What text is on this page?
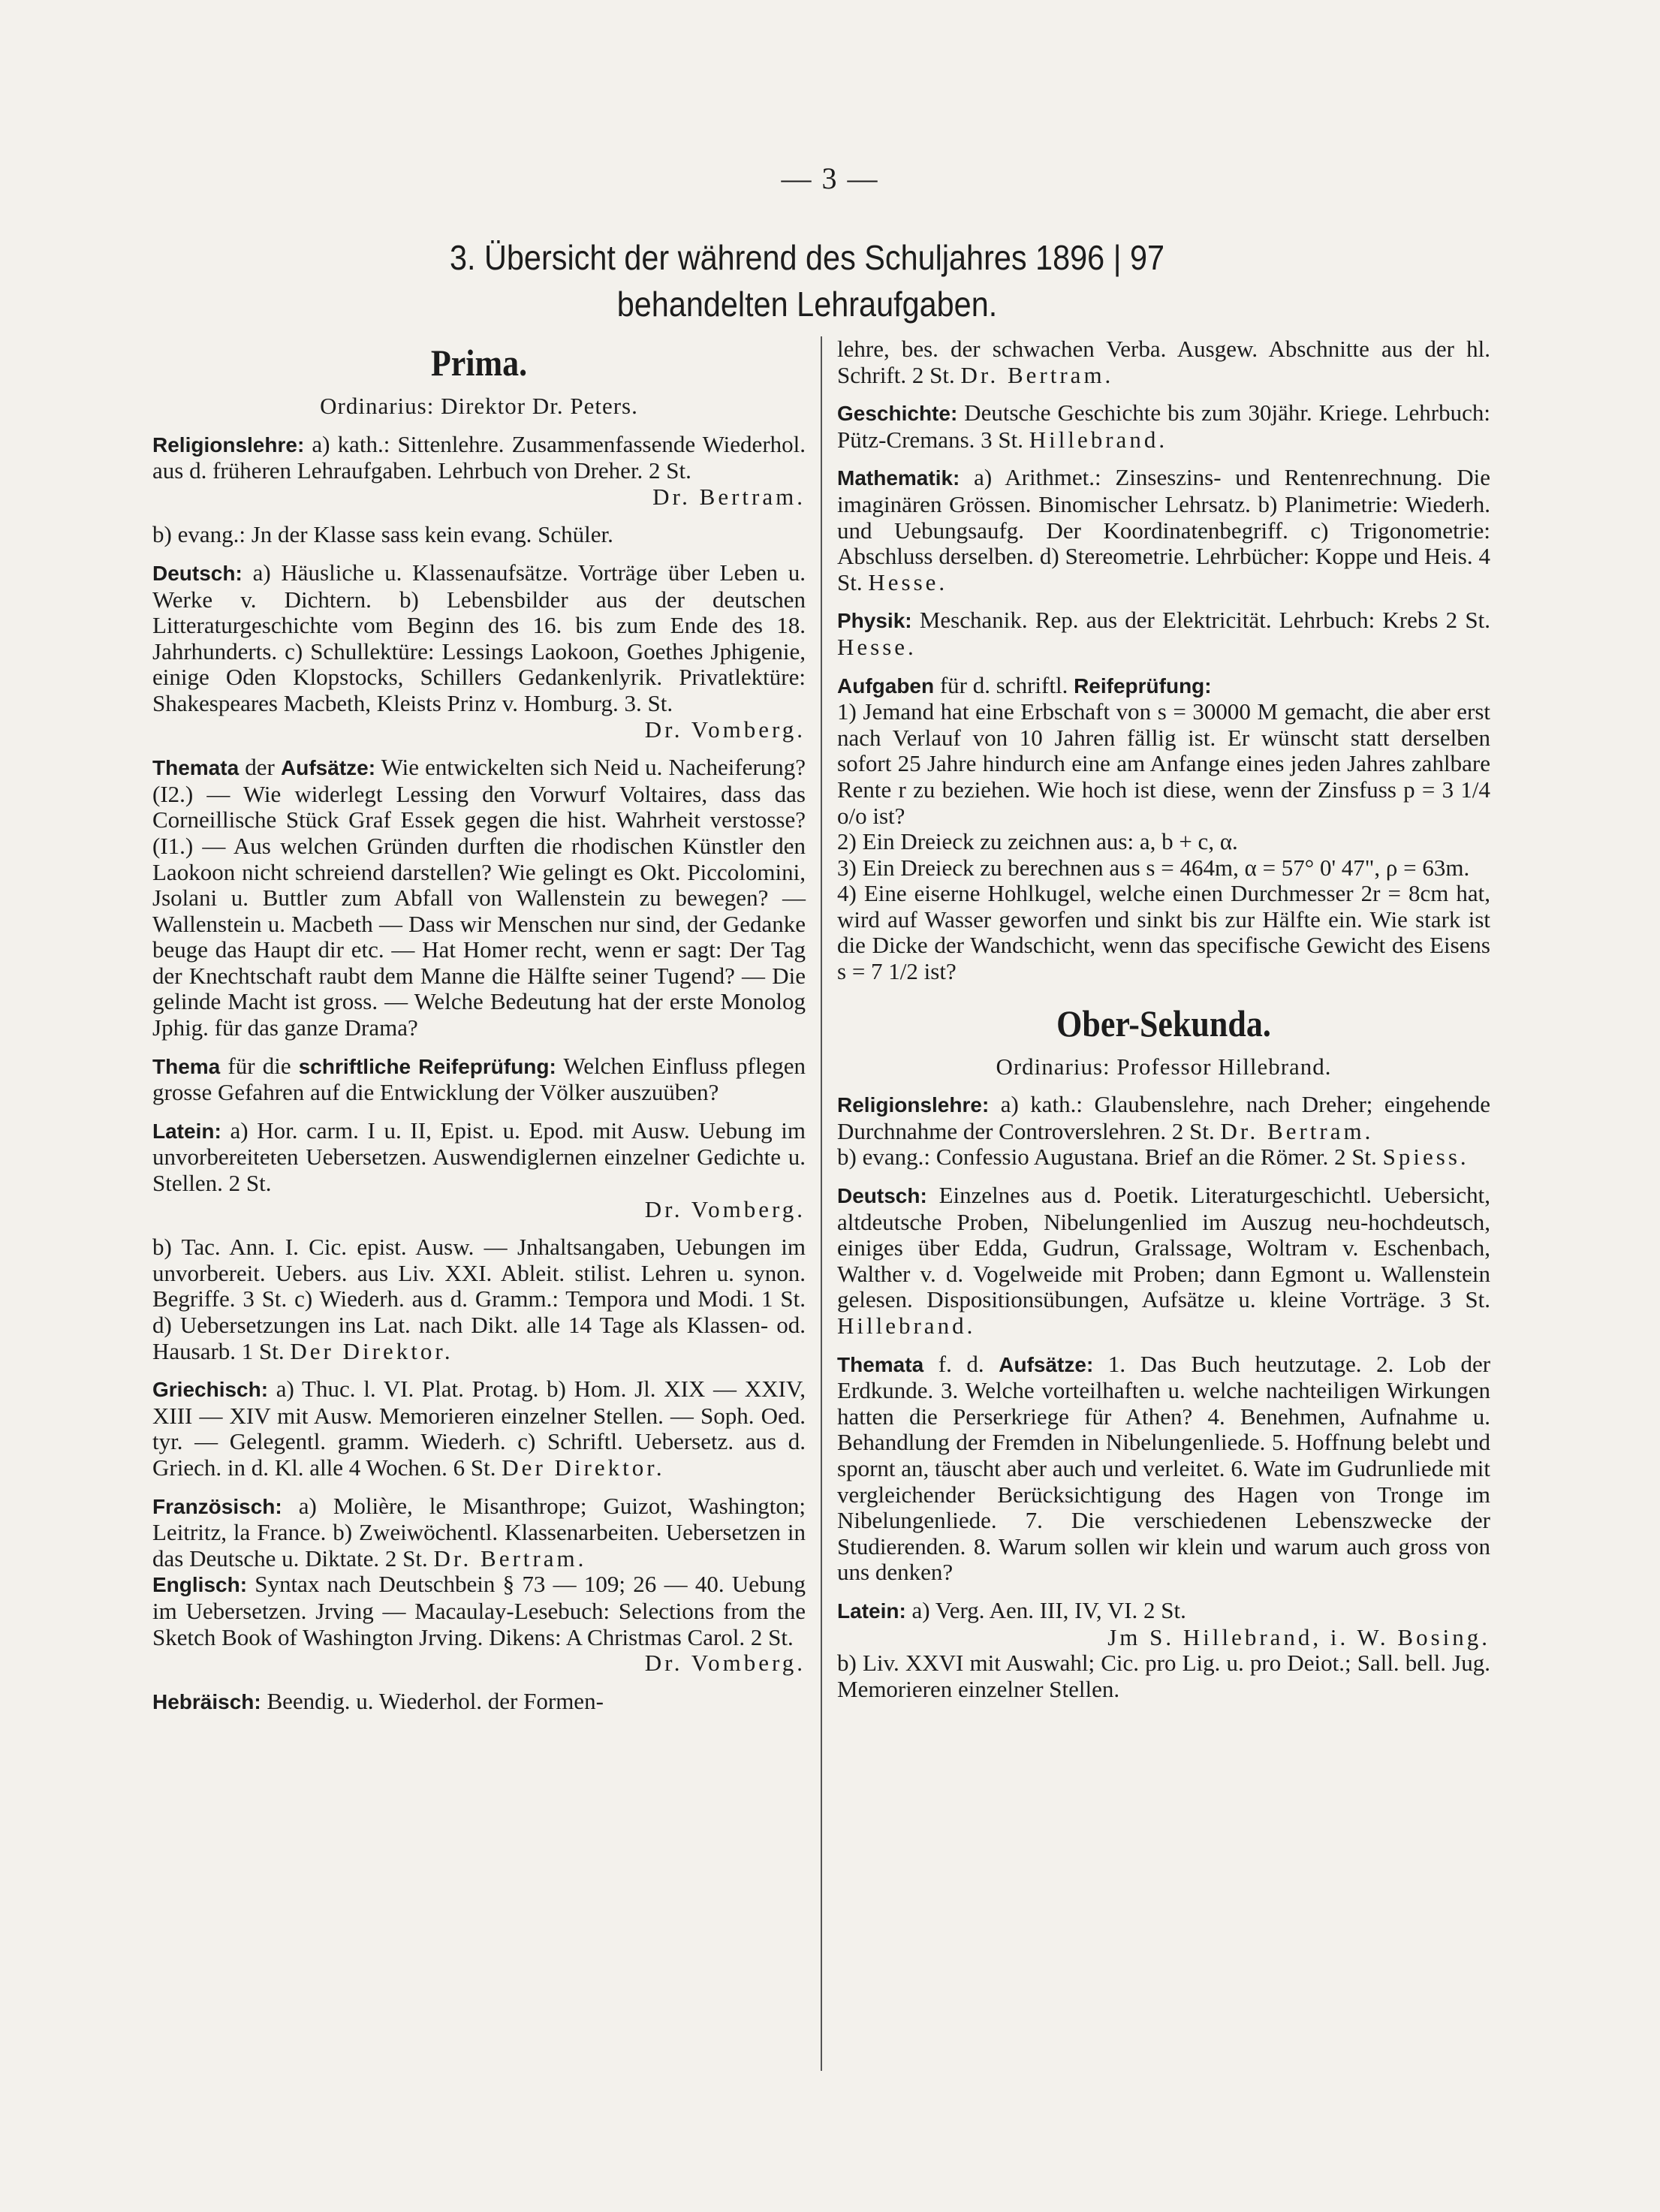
— 3 —
3. Übersicht der während des Schuljahres 1896 | 97
behandelten Lehraufgaben.

Prima.

Ordinarius: Direktor Dr. Peters.

Religionslehre: a) kath.: Sittenlehre. Zusammenfassende Wiederhol. aus d. früheren Lehraufgaben. Lehrbuch von Dreher. 2 St.
Dr. Bertram.

b) evang.: Jn der Klasse sass kein evang. Schüler.

Deutsch: a) Häusliche u. Klassenaufsätze. Vorträge über Leben u. Werke v. Dichtern. b) Lebensbilder aus der deutschen Litteraturgeschichte vom Beginn des 16. bis zum Ende des 18. Jahrhunderts. c) Schullektüre: Lessings Laokoon, Goethes Jphigenie, einige Oden Klopstocks, Schillers Gedankenlyrik. Privatlektüre: Shakespeares Macbeth, Kleists Prinz v. Homburg. 3. St.
Dr. Vomberg.

Themata der Aufsätze: Wie entwickelten sich Neid u. Nacheiferung? (I2.) — Wie widerlegt Lessing den Vorwurf Voltaires, dass das Corneillische Stück Graf Essek gegen die hist. Wahrheit verstosse? (I1.) — Aus welchen Gründen durften die rhodischen Künstler den Laokoon nicht schreiend darstellen? Wie gelingt es Okt. Piccolomini, Jsolani u. Buttler zum Abfall von Wallenstein zu bewegen? — Wallenstein u. Macbeth — Dass wir Menschen nur sind, der Gedanke beuge das Haupt dir etc. — Hat Homer recht, wenn er sagt: Der Tag der Knechtschaft raubt dem Manne die Hälfte seiner Tugend? — Die gelinde Macht ist gross. — Welche Bedeutung hat der erste Monolog Jphig. für das ganze Drama?

Thema für die schriftliche Reifeprüfung: Welchen Einfluss pflegen grosse Gefahren auf die Entwicklung der Völker auszuüben?

Latein: a) Hor. carm. I u. II, Epist. u. Epod. mit Ausw. Uebung im unvorbereiteten Uebersetzen. Auswendiglernen einzelner Gedichte u. Stellen. 2 St.
Dr. Vomberg.

b) Tac. Ann. I. Cic. epist. Ausw. — Jnhaltsangaben, Uebungen im unvorbereit. Uebers. aus Liv. XXI. Ableit. stilist. Lehren u. synon. Begriffe. 3 St. c) Wiederh. aus d. Gramm.: Tempora und Modi. 1 St. d) Uebersetzungen ins Lat. nach Dikt. alle 14 Tage als Klassen- od. Hausarb. 1 St. Der Direktor.

Griechisch: a) Thuc. l. VI. Plat. Protag. b) Hom. Jl. XIX — XXIV, XIII — XIV mit Ausw. Memorieren einzelner Stellen. — Soph. Oed. tyr. — Gelegentl. gramm. Wiederh. c) Schriftl. Uebersetz. aus d. Griech. in d. Kl. alle 4 Wochen. 6 St. Der Direktor.

Französisch: a) Molière, le Misanthrope; Guizot, Washington; Leitritz, la France. b) Zweiwöchentl. Klassenarbeiten. Uebersetzen in das Deutsche u. Diktate. 2 St. Dr. Bertram.

Englisch: Syntax nach Deutschbein § 73 — 109; 26 — 40. Uebung im Uebersetzen. Jrving — Macaulay-Lesebuch: Selections from the Sketch Book of Washington Jrving. Dikens: A Christmas Carol. 2 St.
Dr. Vomberg.

Hebräisch: Beendig. u. Wiederhol. der Formen-

lehre, bes. der schwachen Verba. Ausgew. Abschnitte aus der hl. Schrift. 2 St. Dr. Bertram.

Geschichte: Deutsche Geschichte bis zum 30jähr. Kriege. Lehrbuch: Pütz-Cremans. 3 St. Hillebrand.

Mathematik: a) Arithmet.: Zinseszins- und Rentenrechnung. Die imaginären Grössen. Binomischer Lehrsatz. b) Planimetrie: Wiederh. und Uebungsaufg. Der Koordinatenbegriff. c) Trigonometrie: Abschluss derselben. d) Stereometrie. Lehrbücher: Koppe und Heis. 4 St. Hesse.

Physik: Meschanik. Rep. aus der Elektricität. Lehrbuch: Krebs 2 St. Hesse.

Aufgaben für d. schriftl. Reifeprüfung:

1) Jemand hat eine Erbschaft von s = 30000 M gemacht, die aber erst nach Verlauf von 10 Jahren fällig ist. Er wünscht statt derselben sofort 25 Jahre hindurch eine am Anfange eines jeden Jahres zahlbare Rente r zu beziehen. Wie hoch ist diese, wenn der Zinsfuss p = 3 1/4 o/o ist?

2) Ein Dreieck zu zeichnen aus: a, b + c, α.

3) Ein Dreieck zu berechnen aus s = 464m, α = 57° 0' 47", ρ = 63m.

4) Eine eiserne Hohlkugel, welche einen Durchmesser 2r = 8cm hat, wird auf Wasser geworfen und sinkt bis zur Hälfte ein. Wie stark ist die Dicke der Wandschicht, wenn das specifische Gewicht des Eisens s = 7 1/2 ist?

Ober-Sekunda.

Ordinarius: Professor Hillebrand.

Religionslehre: a) kath.: Glaubenslehre, nach Dreher; eingehende Durchnahme der Controverslehren. 2 St. Dr. Bertram.

b) evang.: Confessio Augustana. Brief an die Römer. 2 St. Spiess.

Deutsch: Einzelnes aus d. Poetik. Literaturgeschichtl. Uebersicht, altdeutsche Proben, Nibelungenlied im Auszug neu-hochdeutsch, einiges über Edda, Gudrun, Gralssage, Woltram v. Eschenbach, Walther v. d. Vogelweide mit Proben; dann Egmont u. Wallenstein gelesen. Dispositionsübungen, Aufsätze u. kleine Vorträge. 3 St. Hillebrand.

Themata f. d. Aufsätze: 1. Das Buch heutzutage. 2. Lob der Erdkunde. 3. Welche vorteilhaften u. welche nachteiligen Wirkungen hatten die Perserkriege für Athen? 4. Benehmen, Aufnahme u. Behandlung der Fremden in Nibelungenliede. 5. Hoffnung belebt und spornt an, täuscht aber auch und verleitet. 6. Wate im Gudrunliede mit vergleichender Berücksichtigung des Hagen von Tronge im Nibelungenliede. 7. Die verschiedenen Lebenszwecke der Studierenden. 8. Warum sollen wir klein und warum auch gross von uns denken?

Latein: a) Verg. Aen. III, IV, VI. 2 St.
Jm S. Hillebrand, i. W. Bosing.

b) Liv. XXVI mit Auswahl; Cic. pro Lig. u. pro Deiot.; Sall. bell. Jug. Memorieren einzelner Stellen.
